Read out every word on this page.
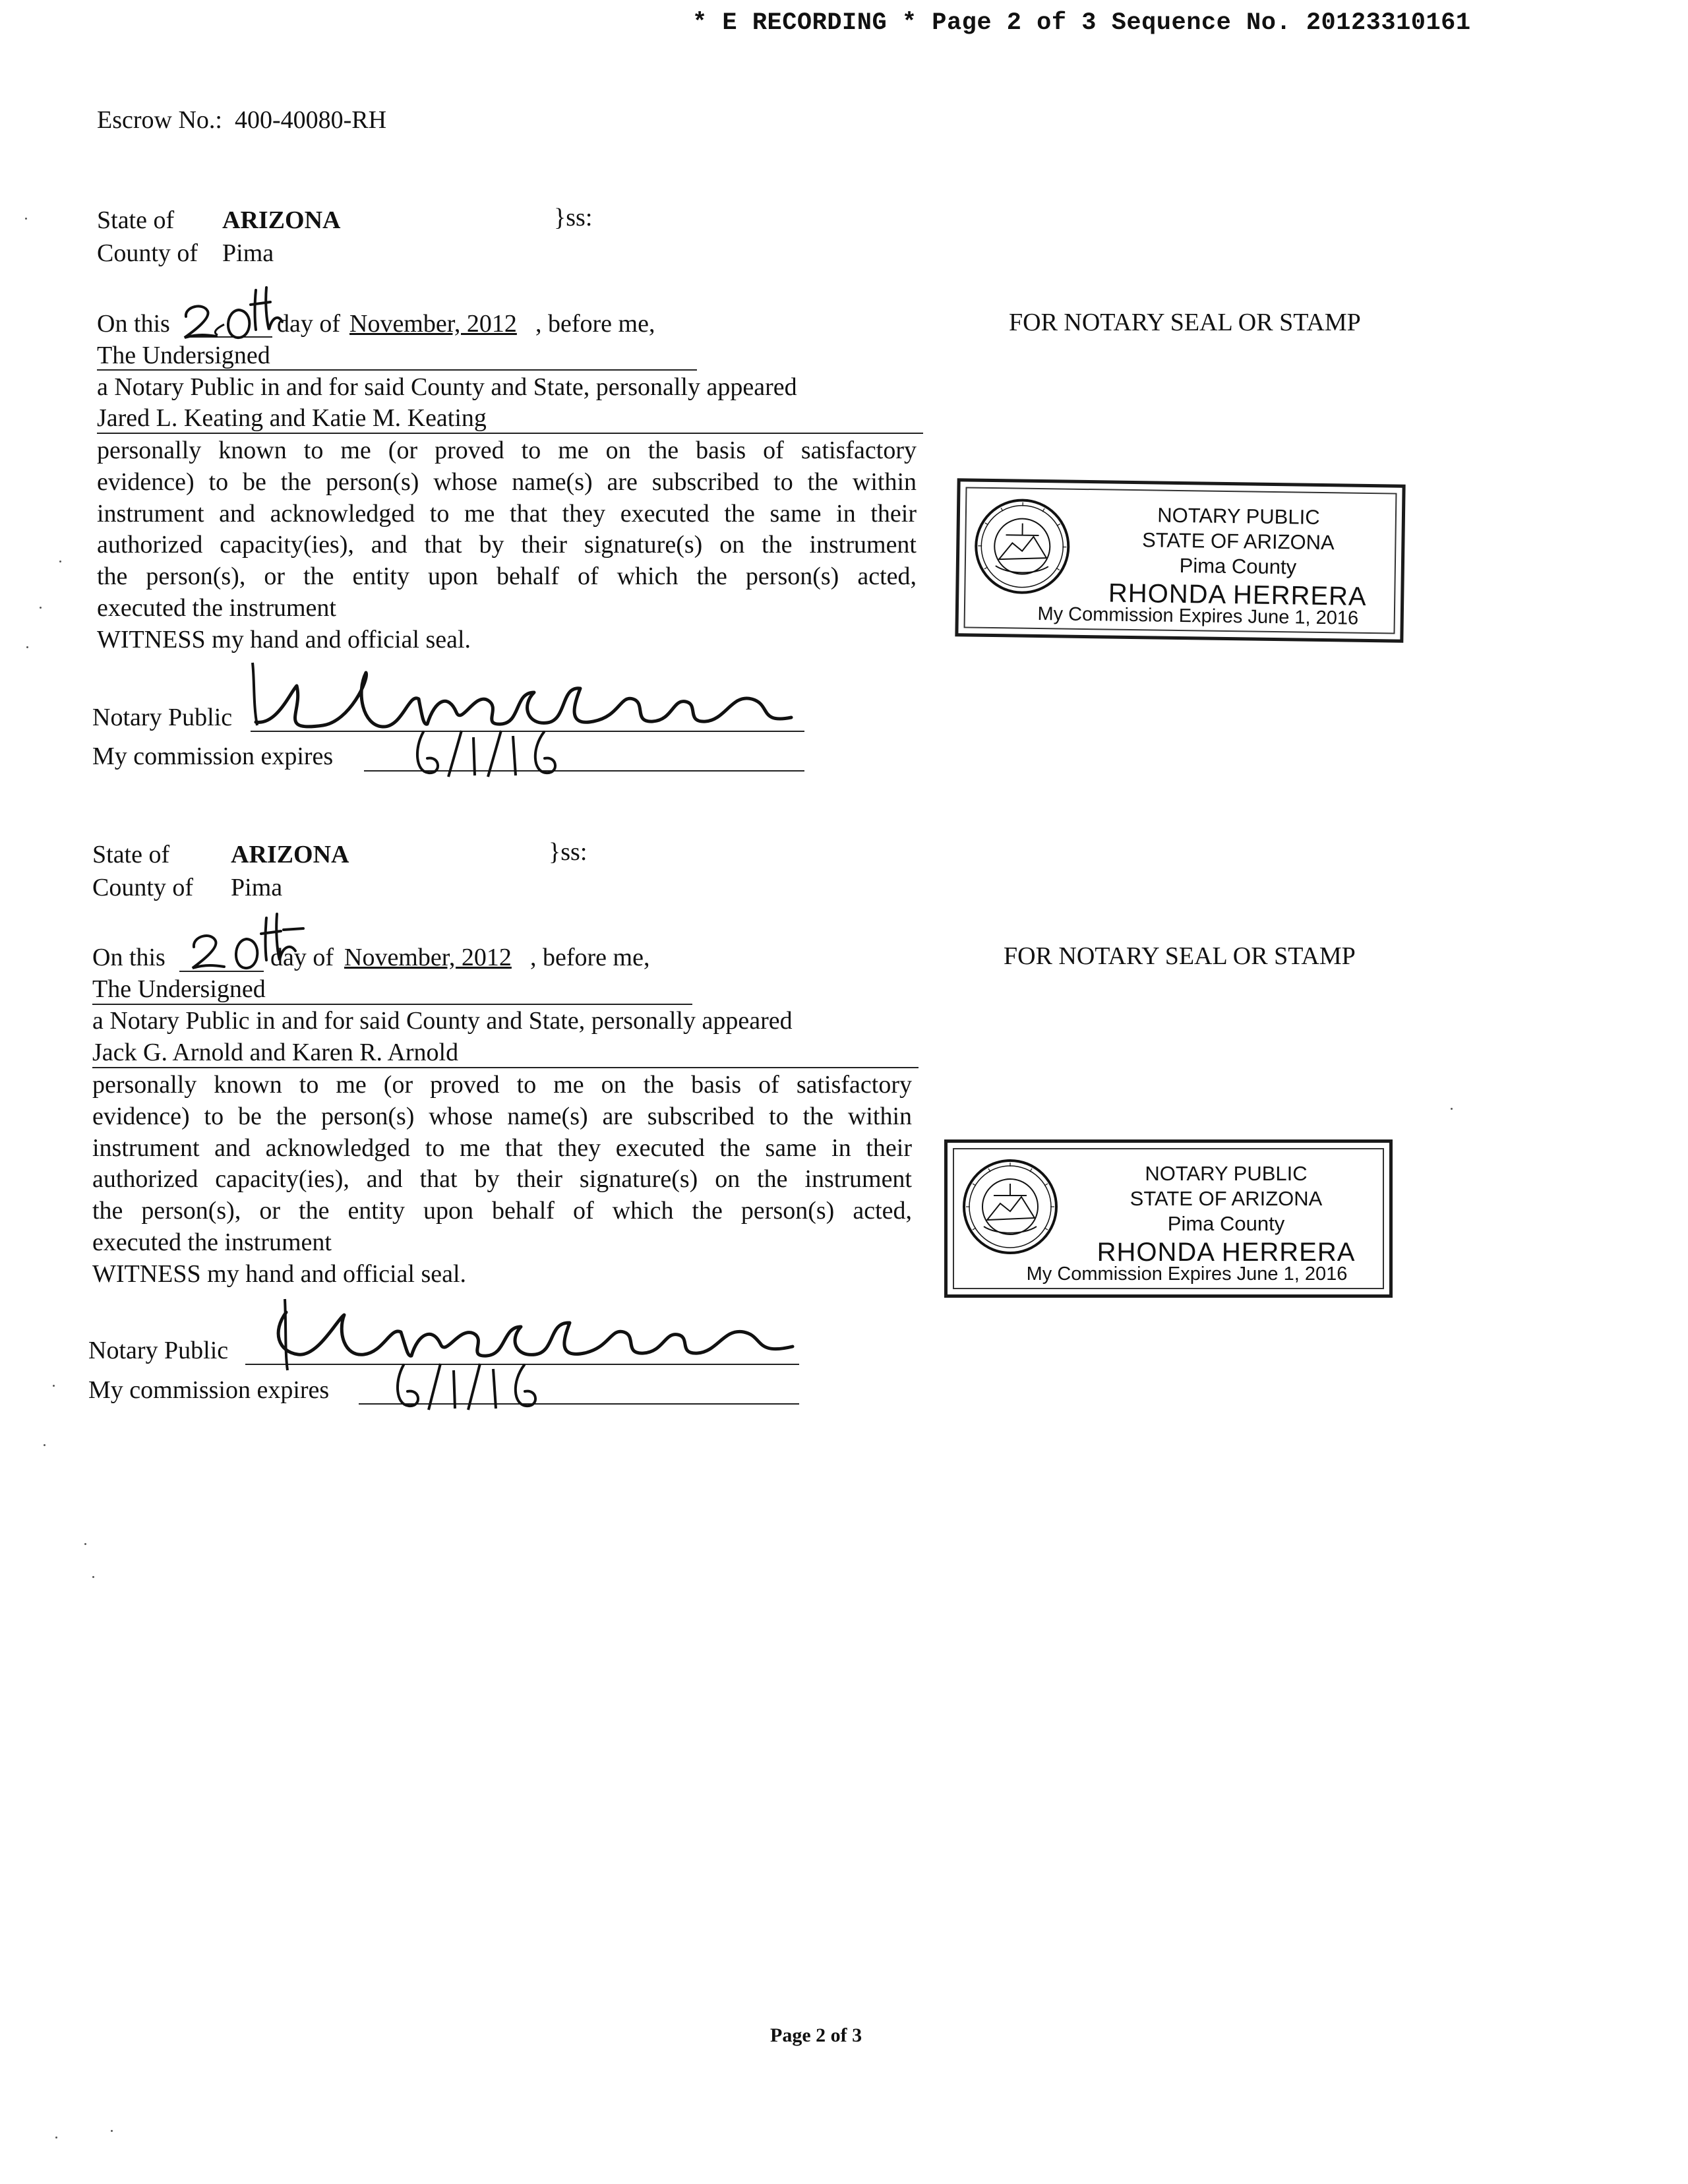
* E RECORDING * Page 2 of 3 Sequence No. 20123310161
Escrow No.: 400-40080-RH
State of ARIZONA	}ss:
County of Pima
On this	day of November, 2012 , before me,
The Undersigned
a Notary Public in and for said County and State, personally appeared
Jared L. Keating and Katie M. Keating
personally known to me (or proved to me on the basis of satisfactory
evidence) to be the person(s) whose name(s) are subscribed to the within
instrument and acknowledged to me that they executed the same in their
authorized capacity(ies), and that by their signature(s) on the instrument
the person(s), or the entity upon behalf of which the person(s) acted,
executed the instrument
WITNESS my hand and official seal.
Notary Public
My commission expires
FOR NOTARY SEAL OR STAMP
NOTARY PUBLIC
STATE OF ARIZONA
Pima County
RHONDA HERRERA
My Commission Expires June 1, 2016
State of ARIZONA	}ss:
County of Pima
On this	day of November, 2012 , before me,
The Undersigned
a Notary Public in and for said County and State, personally appeared
Jack G. Arnold and Karen R. Arnold
personally known to me (or proved to me on the basis of satisfactory
evidence) to be the person(s) whose name(s) are subscribed to the within
instrument and acknowledged to me that they executed the same in their
authorized capacity(ies), and that by their signature(s) on the instrument
the person(s), or the entity upon behalf of which the person(s) acted,
executed the instrument
WITNESS my hand and official seal.
Notary Public
My commission expires
FOR NOTARY SEAL OR STAMP
NOTARY PUBLIC
STATE OF ARIZONA
Pima County
RHONDA HERRERA
My Commission Expires June 1, 2016
Page 2 of 3
